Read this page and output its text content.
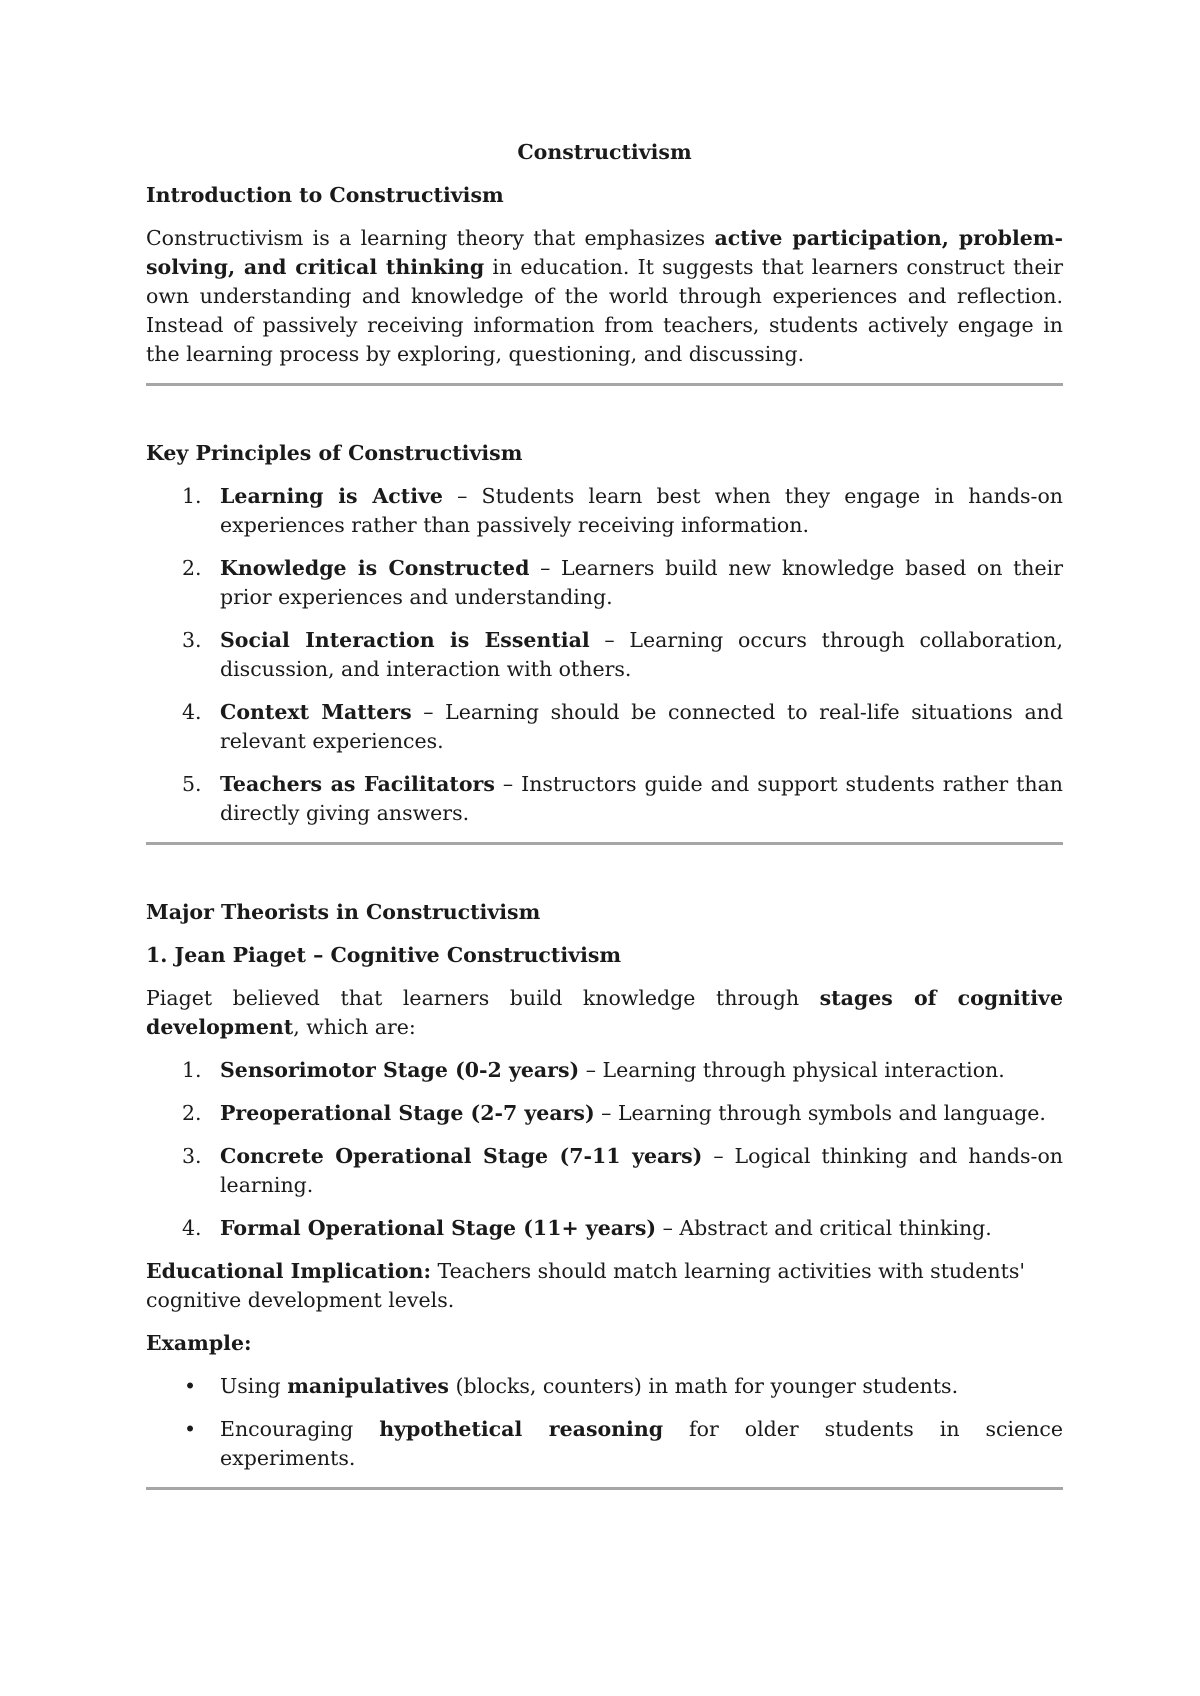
Constructivism
Introduction to Constructivism

Constructivism is a learning theory that emphasizes active participation, problem-solving, and critical thinking in education. It suggests that learners construct their own understanding and knowledge of the world through experiences and reflection. Instead of passively receiving information from teachers, students actively engage in the learning process by exploring, questioning, and discussing.

Key Principles of Constructivism
1. Learning is Active – Students learn best when they engage in hands-on experiences rather than passively receiving information.
2. Knowledge is Constructed – Learners build new knowledge based on their prior experiences and understanding.
3. Social Interaction is Essential – Learning occurs through collaboration, discussion, and interaction with others.
4. Context Matters – Learning should be connected to real-life situations and relevant experiences.
5. Teachers as Facilitators – Instructors guide and support students rather than directly giving answers.
Major Theorists in Constructivism
1. Jean Piaget – Cognitive Constructivism

Piaget believed that learners build knowledge through stages of cognitive development, which are:

1. Sensorimotor Stage (0-2 years) – Learning through physical interaction.
2. Preoperational Stage (2-7 years) – Learning through symbols and language.
3. Concrete Operational Stage (7-11 years) – Logical thinking and hands-on learning.
4. Formal Operational Stage (11+ years) – Abstract and critical thinking.

Educational Implication: Teachers should match learning activities with students' cognitive development levels.

Example:
• Using manipulatives (blocks, counters) in math for younger students.
• Encouraging hypothetical reasoning for older students in science experiments.
